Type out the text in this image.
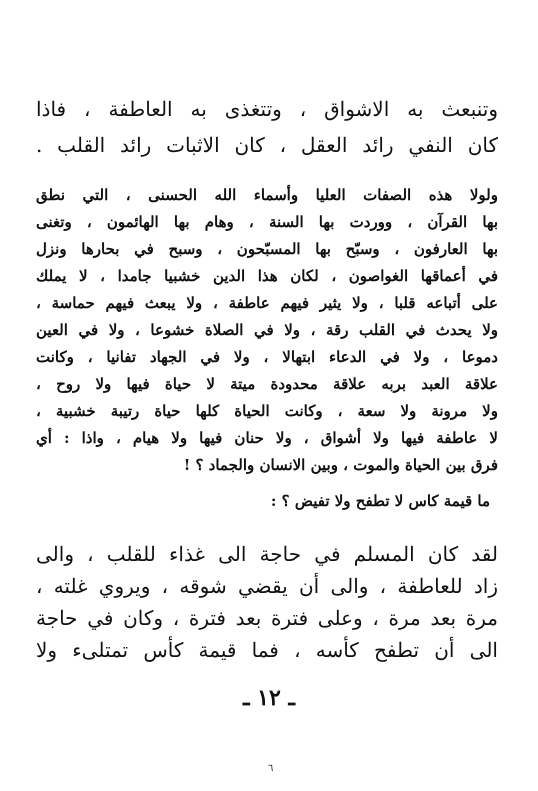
وتنبعث به الاشواق ، وتتغذى به العاطفة ، فاذا
كان النفي رائد العقل ، كان الاثبات رائد القلب .
ولولا هذه الصفات العليا وأسماء الله الحسنى ، التي نطق
بها القرآن ، ووردت بها السنة ، وهام بها الهائمون ، وتغنى
بها العارفون ، وسبّح بها المسبّحون ، وسبح في بحارها ونزل
في أعماقها الغواصون ، لكان هذا الدين خشبيا جامدا ، لا يملك
على أتباعه قلبا ، ولا يثير فيهم عاطفة ، ولا يبعث فيهم حماسة ،
ولا يحدث في القلب رقة ، ولا في الصلاة خشوعا ، ولا في العين
دموعا ، ولا في الدعاء ابتهالا ، ولا في الجهاد تفانيا ، وكانت
علاقة العبد بربه علاقة محدودة ميتة لا حياة فيها ولا روح ،
ولا مرونة ولا سعة ، وكانت الحياة كلها حياة رتيبة خشبية ،
لا عاطفة فيها ولا أشواق ، ولا حنان فيها ولا هيام ، واذا : أي
فرق بين الحياة والموت ، وبين الانسان والجماد ؟ !
ما قيمة كاس لا تطفح ولا تفيض ؟ :
لقد كان المسلم في حاجة الى غذاء للقلب ، والى
زاد للعاطفة ، والى أن يقضي شوقه ، ويروي غلته ،
مرة بعد مرة ، وعلى فترة بعد فترة ، وكان في حاجة
الى أن تطفح كأسه ، فما قيمة كأس تمتلىء ولا
ـ ١٢ ـ
٦
